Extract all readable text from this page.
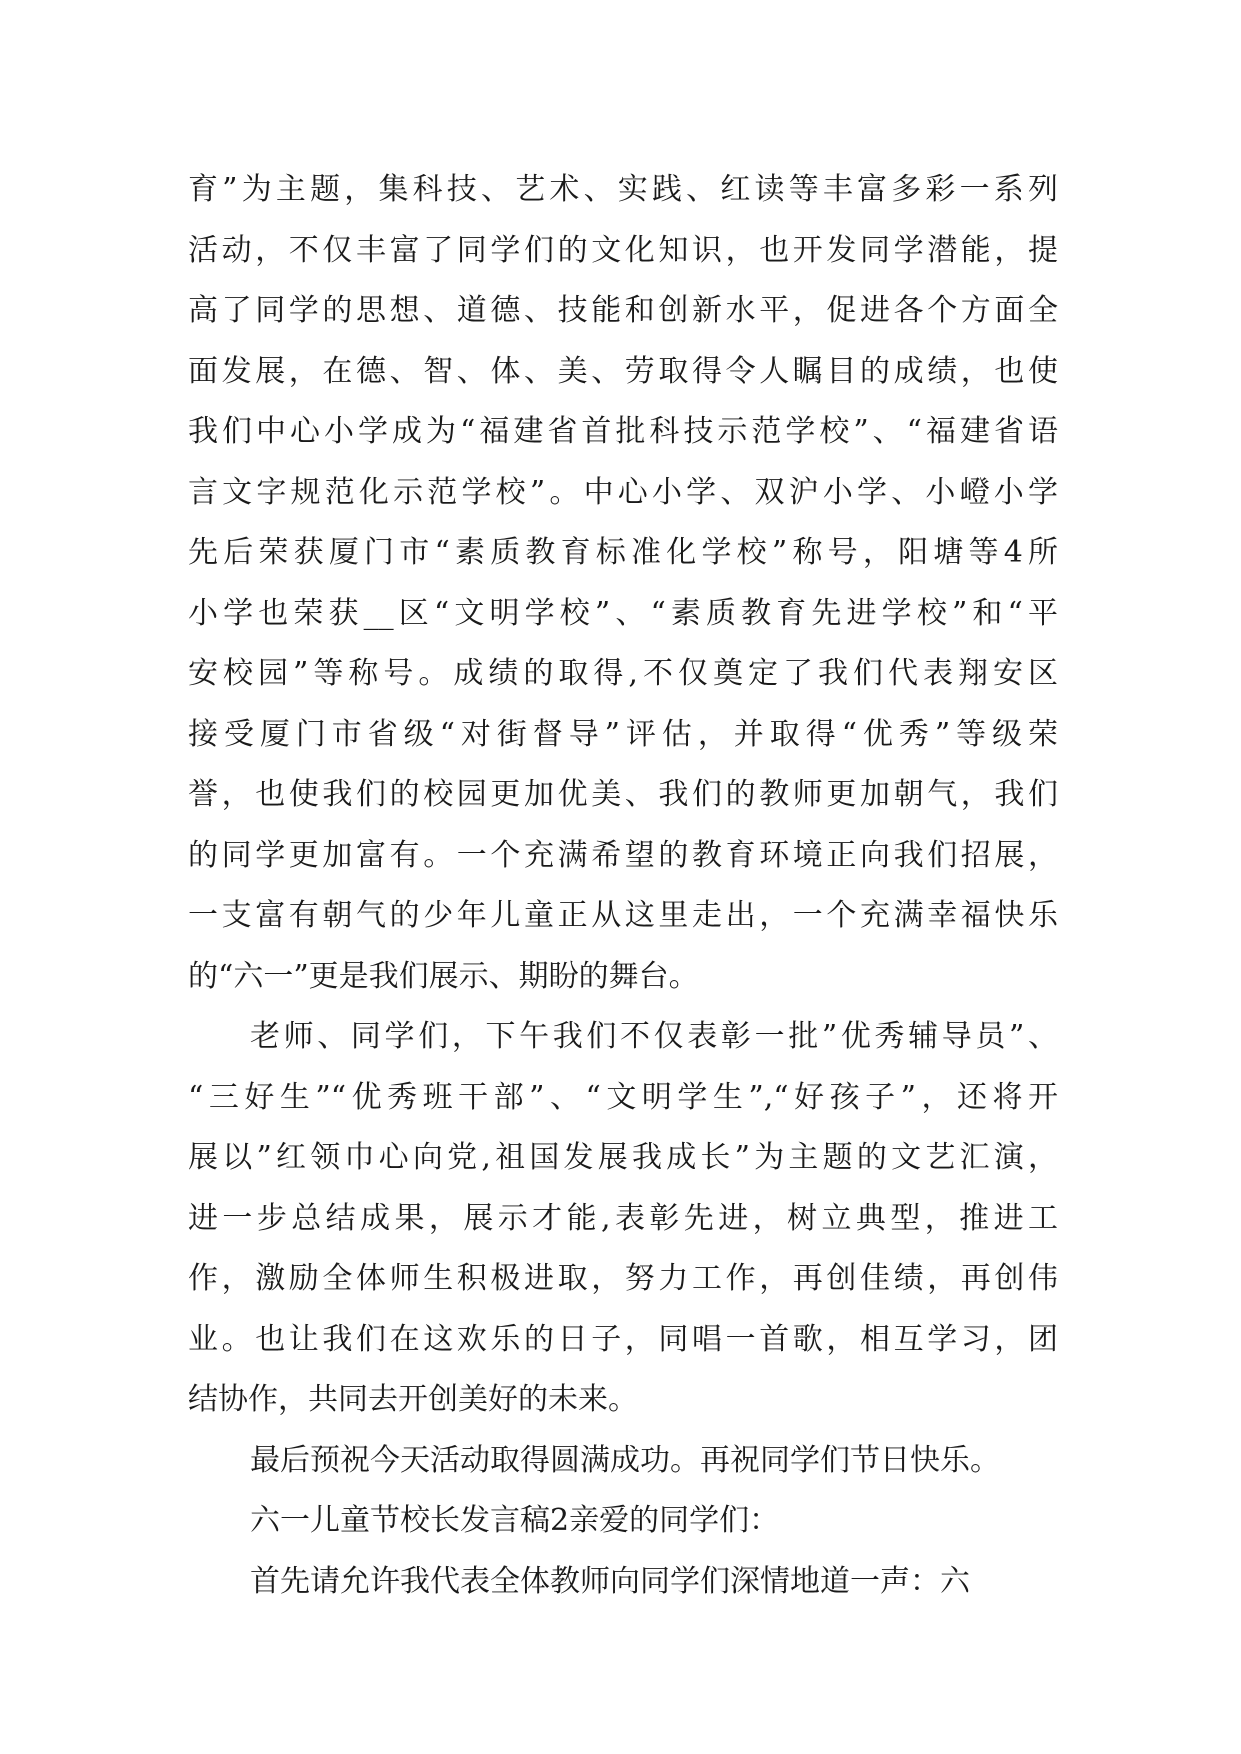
育”为主题，集科技、艺术、实践、红读等丰富多彩一系列
活动，不仅丰富了同学们的文化知识，也开发同学潜能，提
高了同学的思想、道德、技能和创新水平，促进各个方面全
面发展，在德、智、体、美、劳取得令人瞩目的成绩，也使
我们中心小学成为“福建省首批科技示范学校”、“福建省语
言文字规范化示范学校”。中心小学、双沪小学、小嶝小学
先后荣获厦门市“素质教育标准化学校”称号，阳塘等4所
小学也荣获__区“文明学校”、“素质教育先进学校”和“平
安校园”等称号。成绩的取得,不仅奠定了我们代表翔安区
接受厦门市省级“对街督导”评估，并取得“优秀”等级荣
誉，也使我们的校园更加优美、我们的教师更加朝气，我们
的同学更加富有。一个充满希望的教育环境正向我们招展，
一支富有朝气的少年儿童正从这里走出，一个充满幸福快乐
的“六一”更是我们展示、期盼的舞台。
老师、同学们，下午我们不仅表彰一批”优秀辅导员”、
“三好生”“优秀班干部”、“文明学生”,“好孩子”，还将开
展以”红领巾心向党,祖国发展我成长”为主题的文艺汇演，
进一步总结成果，展示才能,表彰先进，树立典型，推进工
作，激励全体师生积极进取，努力工作，再创佳绩，再创伟
业。也让我们在这欢乐的日子，同唱一首歌，相互学习，团
结协作，共同去开创美好的未来。
最后预祝今天活动取得圆满成功。再祝同学们节日快乐。
六一儿童节校长发言稿2亲爱的同学们：
首先请允许我代表全体教师向同学们深情地道一声：六
